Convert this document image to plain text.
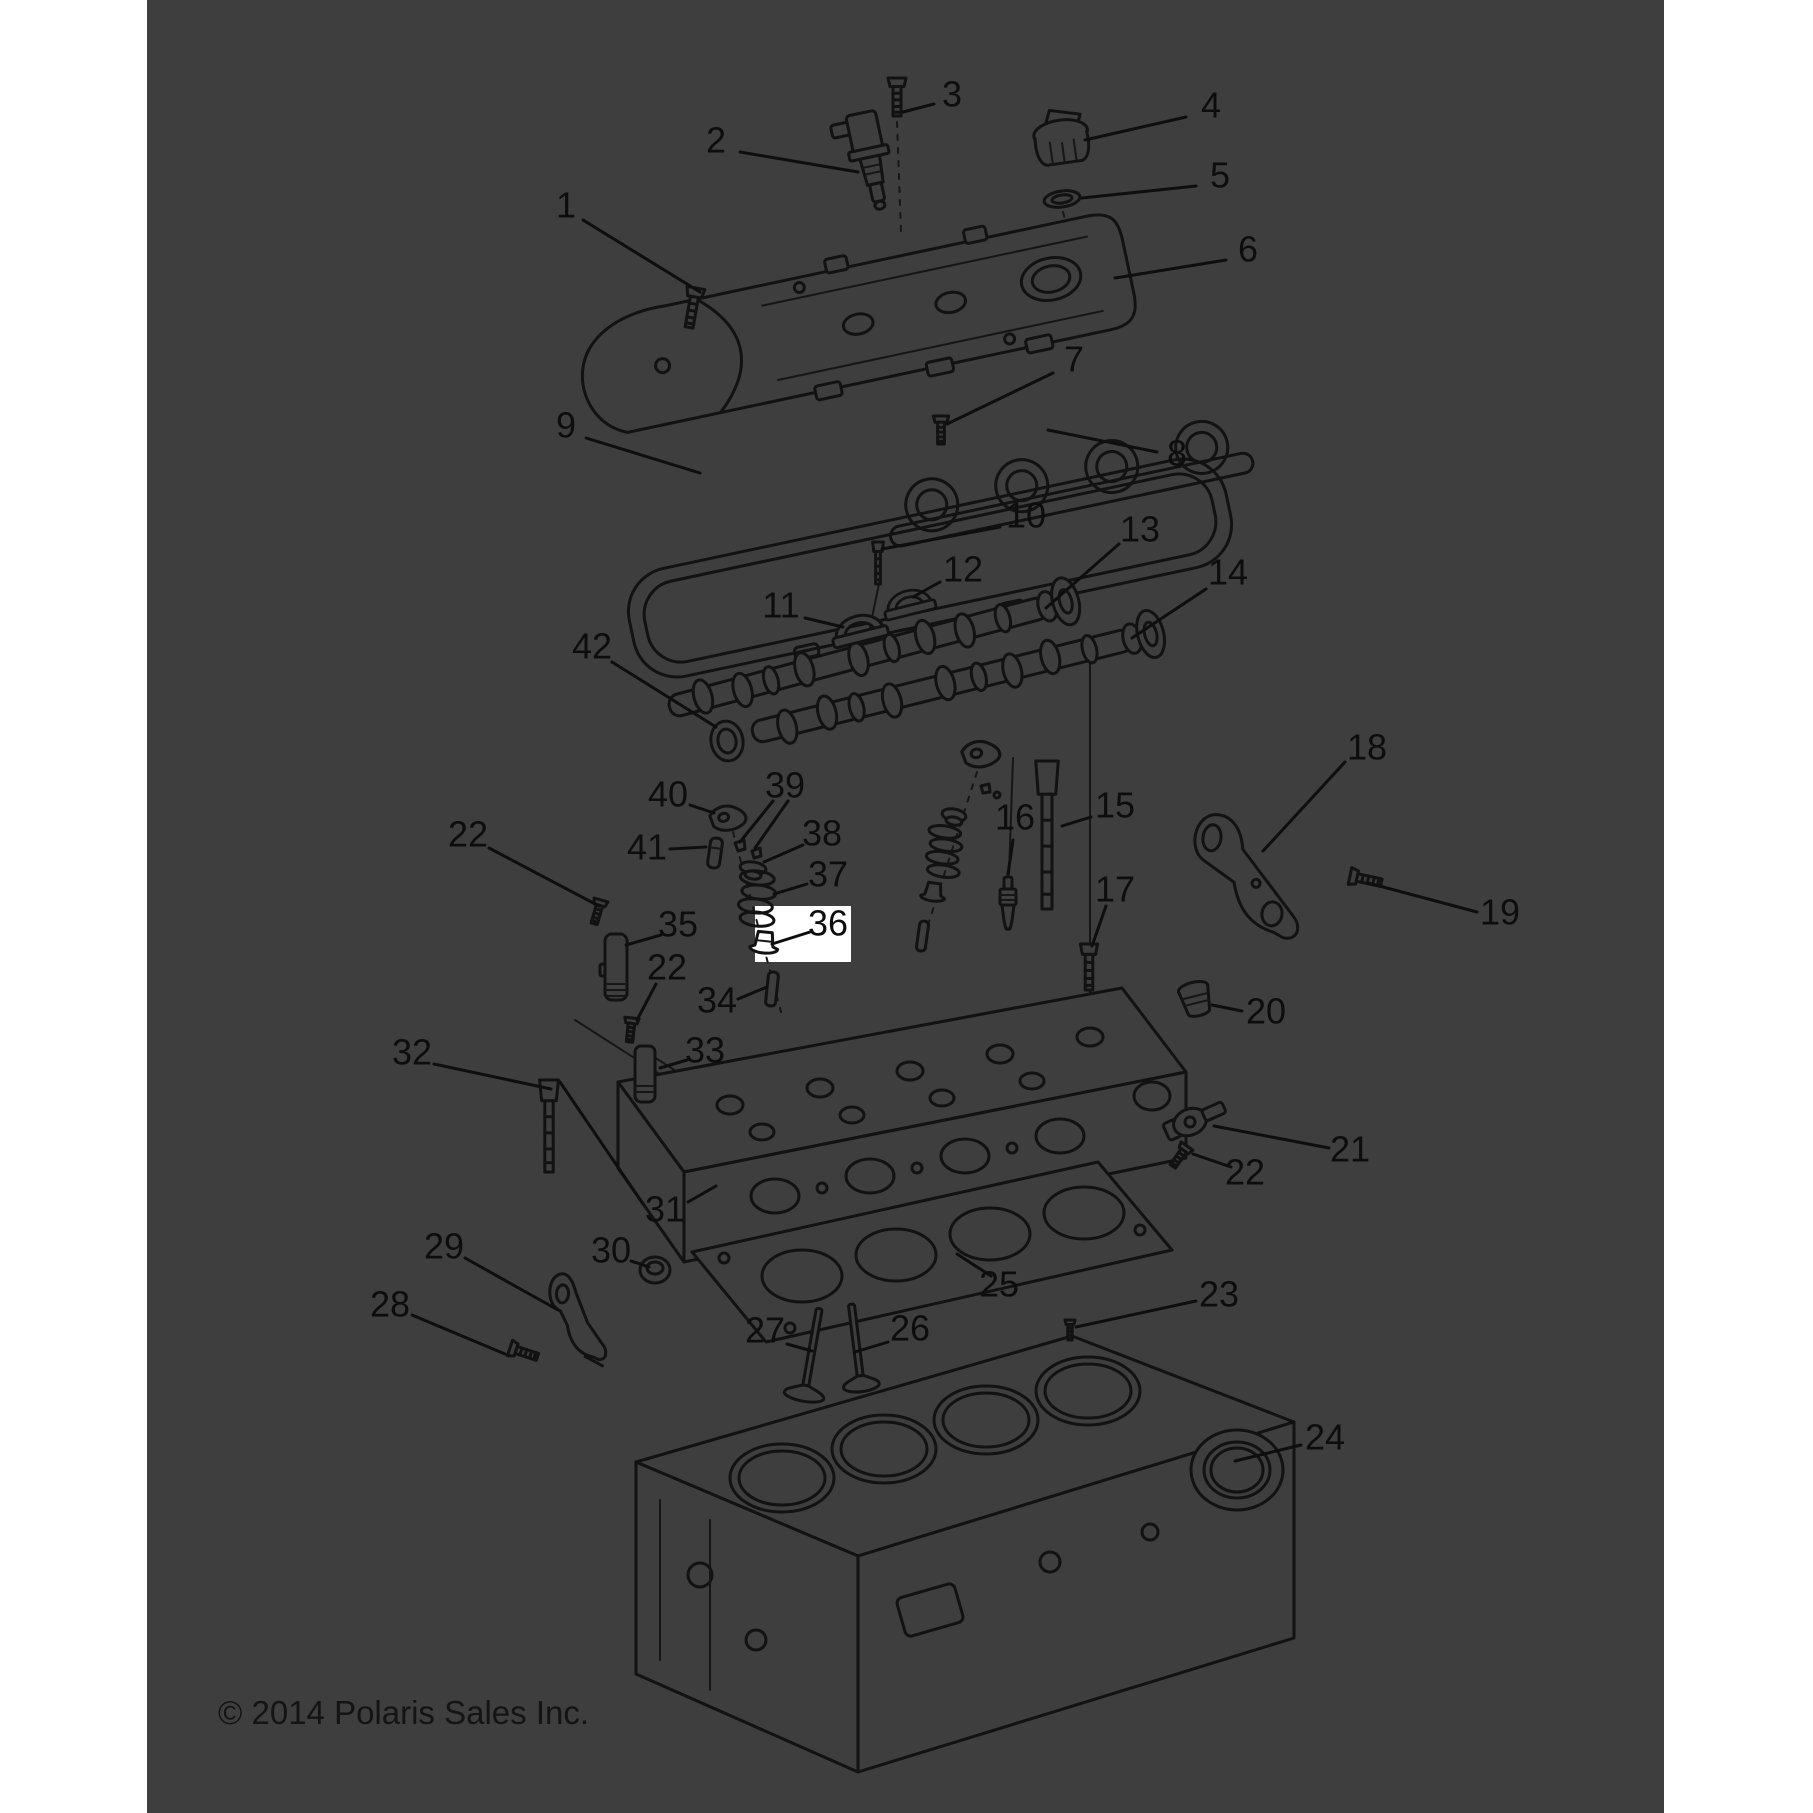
1
2
3	4
5
6
7
8
9
10
11
12
13
14
15
16
17
18
19
20
21
22
22
22
23
24
25
26
27
28
29	30
31
32	33
34
35	36
37
38
39
40
41
42
© 2014 Polaris Sales Inc.
